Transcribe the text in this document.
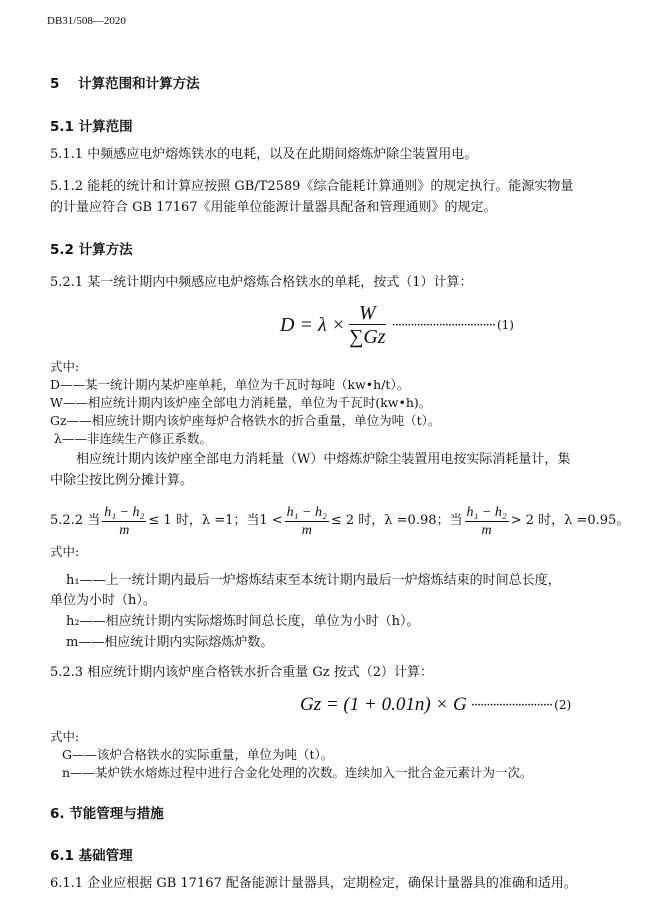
DB31/508—2020
5 计算范围和计算方法
5.1 计算范围
5.1.1 中频感应电炉熔炼铁水的电耗，以及在此期间熔炼炉除尘装置用电。
5.1.2 能耗的统计和计算应按照 GB/T2589《综合能耗计算通则》的规定执行。能源实物量
的计量应符合 GB 17167《用能单位能源计量器具配备和管理通则》的规定。
5.2 计算方法
5.2.1 某一统计期内中频感应电炉熔炼合格铁水的单耗，按式（1）计算：
$D = \lambda \times \frac{W}{\sum Gz}$ ································· (1)
式中:
D——某一统计期内某炉座单耗，单位为千瓦时每吨（kw•h/t）。
W——相应统计期内该炉座全部电力消耗量，单位为千瓦时(kw•h)。
Gz——相应统计期内该炉座每炉合格铁水的折合重量，单位为吨（t）。
λ——非连续生产修正系数。
相应统计期内该炉座全部电力消耗量（W）中熔炼炉除尘装置用电按实际消耗量计，集
中除尘按比例分摊计算。
5.2.2 当 $\frac{\text{h₁ − h₂}}{m} \le 1$ 时，λ =1；当$1 < \frac{\text{h₁ − h₂}}{m} \le 2$ 时，λ =0.98；当 $\frac{\text{h₁ − h₂}}{m} > 2$ 时，λ =0.95。
式中:
h₁——上一统计期内最后一炉熔炼结束至本统计期内最后一炉熔炼结束的时间总长度，
单位为小时（h）。
h₂——相应统计期内实际熔炼时间总长度，单位为小时（h）。
m——相应统计期内实际熔炼炉数。
5.2.3 相应统计期内该炉座合格铁水折合重量 Gz 按式（2）计算：
Gz = (1 + 0.01n) × G ·························· (2)
式中:
G——该炉合格铁水的实际重量，单位为吨（t）。
n——某炉铁水熔炼过程中进行合金化处理的次数。连续加入一批合金元素计为一次。
6. 节能管理与措施
6.1 基础管理
6.1.1 企业应根据 GB 17167 配备能源计量器具，定期检定，确保计量器具的准确和适用。
